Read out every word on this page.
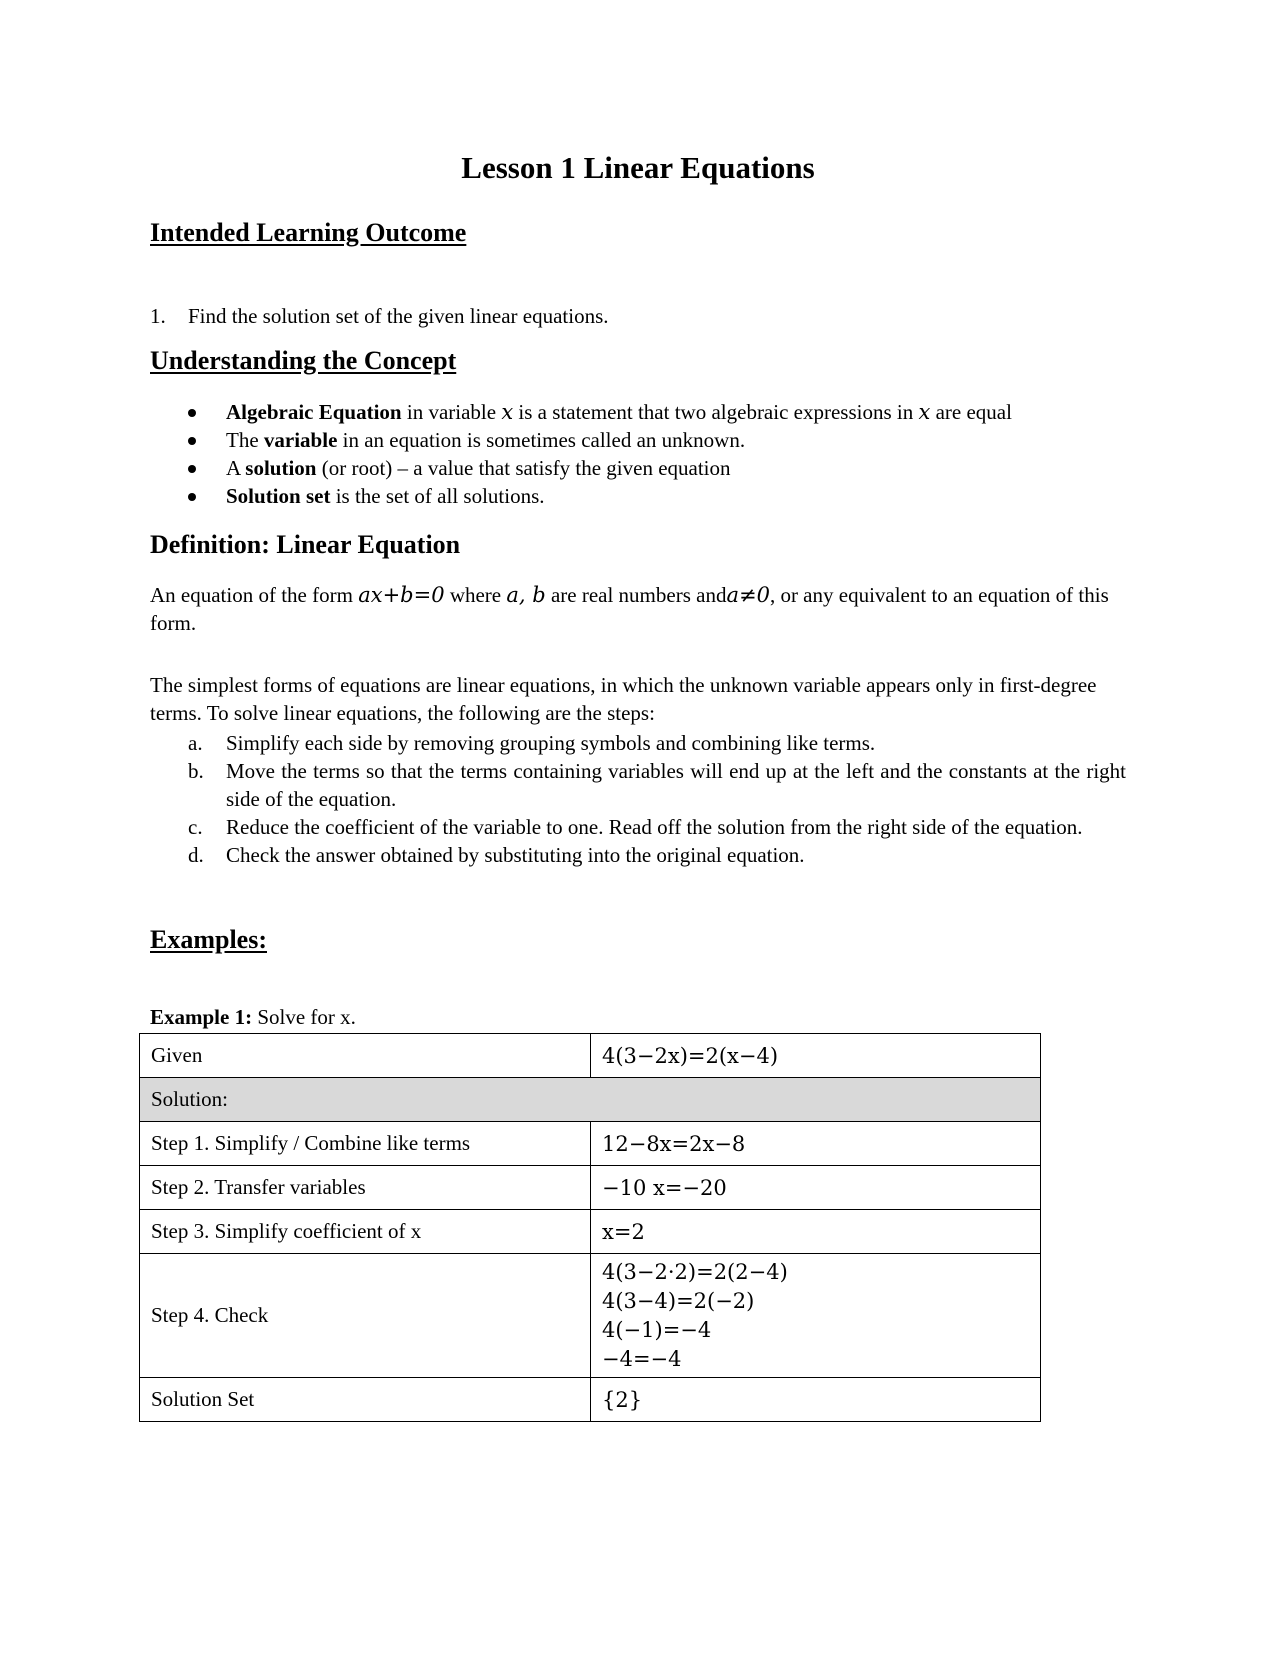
Lesson 1 Linear Equations
Intended Learning Outcome
1. Find the solution set of the given linear equations.
Understanding the Concept
Algebraic Equation in variable x is a statement that two algebraic expressions in x are equal
The variable in an equation is sometimes called an unknown.
A solution (or root) – a value that satisfy the given equation
Solution set is the set of all solutions.
Definition: Linear Equation

An equation of the form ax+b=0 where a, b are real numbers anda≠0, or any equivalent to an equation of this form.

The simplest forms of equations are linear equations, in which the unknown variable appears only in first-degree terms. To solve linear equations, the following are the steps:

a. Simplify each side by removing grouping symbols and combining like terms.
b. Move the terms so that the terms containing variables will end up at the left and the constants at the right side of the equation.
c. Reduce the coefficient of the variable to one. Read off the solution from the right side of the equation.
d. Check the answer obtained by substituting into the original equation.
Examples:
Example 1: Solve for x.
Given	4(3−2x)=2(x−4)
Solution:	
Step 1. Simplify / Combine like terms	12−8x=2x−8
Step 2. Transfer variables	−10 x=−20
Step 3. Simplify coefficient of x	x=2
Step 4. Check	4(3−2·2)=2(2−4)
4(3−4)=2(−2)
4(−1)=−4
−4=−4

Solution Set	{2}
